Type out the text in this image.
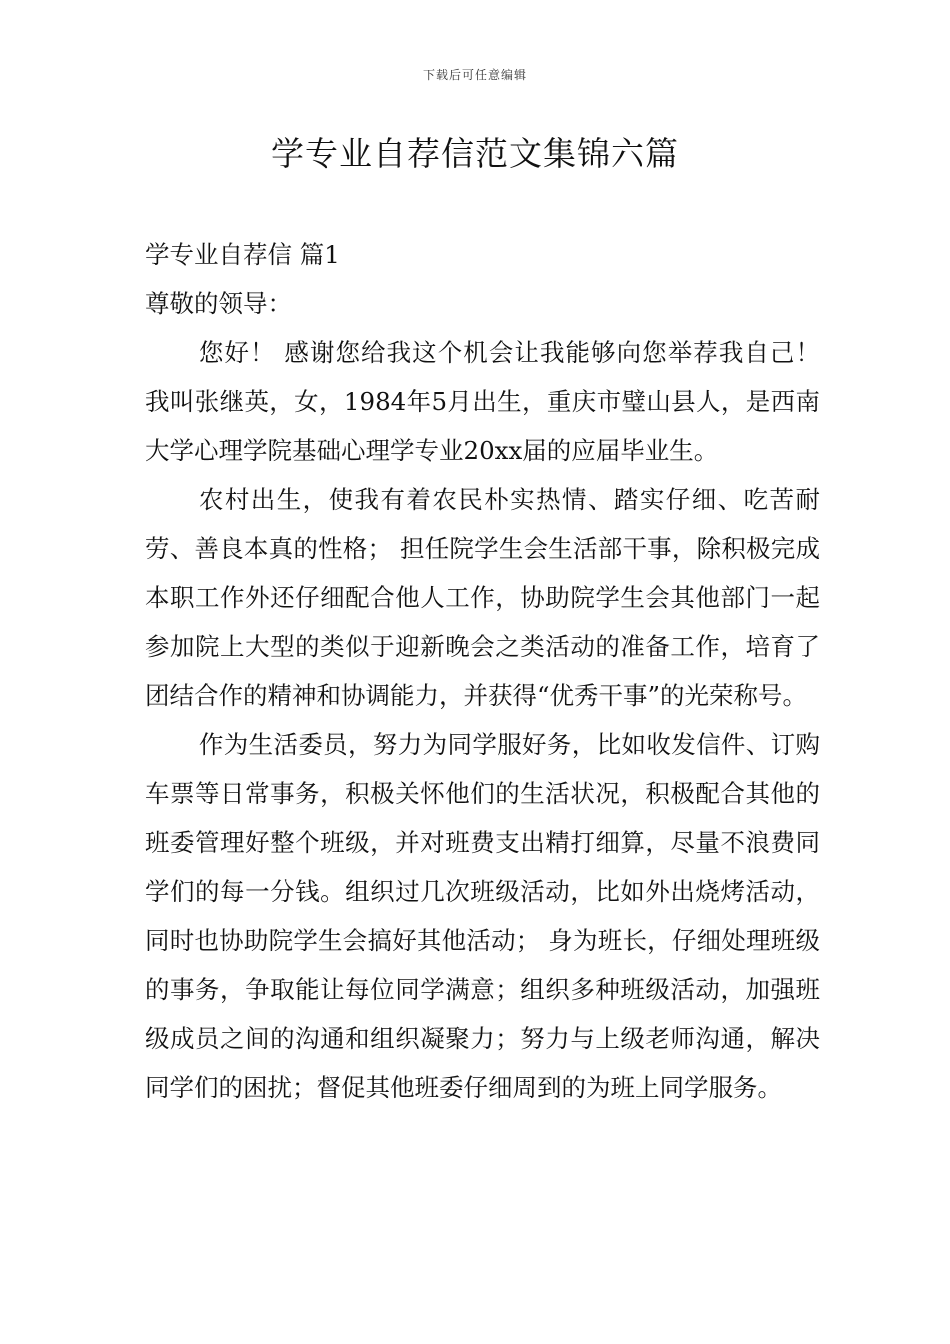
下载后可任意编辑
学专业自荐信范文集锦六篇

学专业自荐信 篇1

尊敬的领导：

您好！ 感谢您给我这个机会让我能够向您举荐我自己！ 我叫张继英，女，1984年5月出生，重庆市璧山县人，是西南大学心理学院基础心理学专业20xx届的应届毕业生。

农村出生，使我有着农民朴实热情、踏实仔细、吃苦耐劳、善良本真的性格； 担任院学生会生活部干事，除积极完成本职工作外还仔细配合他人工作，协助院学生会其他部门一起参加院上大型的类似于迎新晚会之类活动的准备工作，培育了团结合作的精神和协调能力，并获得“优秀干事”的光荣称号。

作为生活委员，努力为同学服好务，比如收发信件、订购车票等日常事务，积极关怀他们的生活状况，积极配合其他的班委管理好整个班级，并对班费支出精打细算，尽量不浪费同学们的每一分钱。组织过几次班级活动，比如外出烧烤活动，同时也协助院学生会搞好其他活动； 身为班长，仔细处理班级的事务，争取能让每位同学满意；组织多种班级活动，加强班级成员之间的沟通和组织凝聚力；努力与上级老师沟通，解决同学们的困扰；督促其他班委仔细周到的为班上同学服务。
